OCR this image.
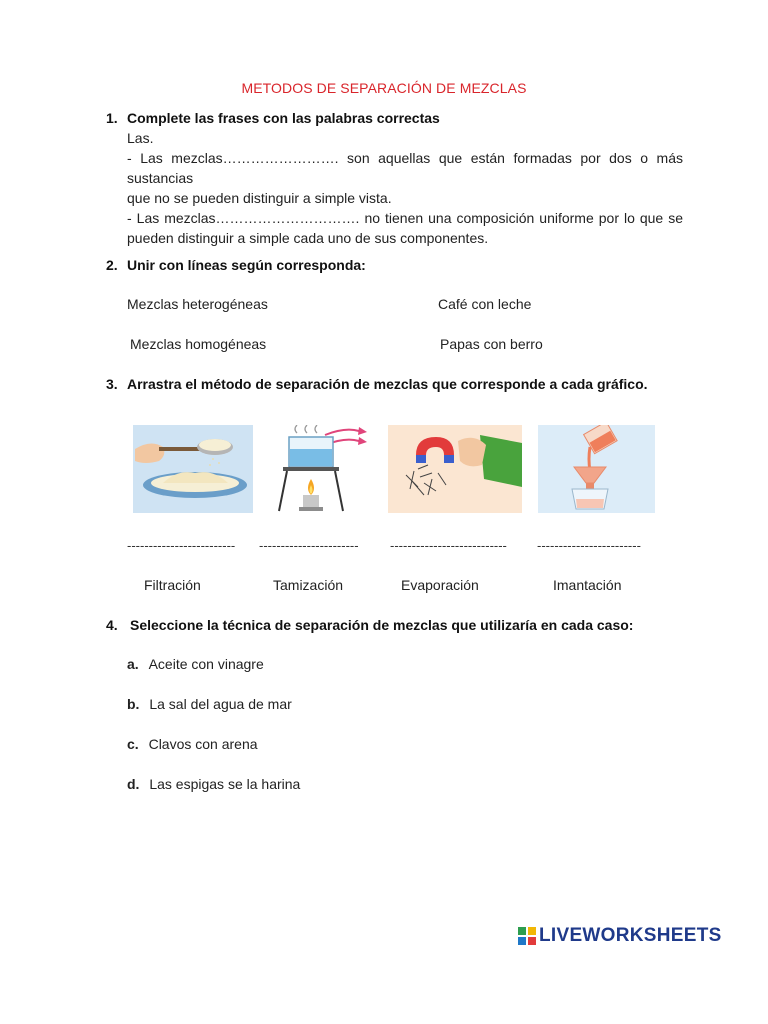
METODOS DE SEPARACIÓN DE MEZCLAS
1. Complete las frases con las palabras correctas
Las.
- Las mezclas……………………. son aquellas que están formadas por dos o más sustancias
que no se pueden distinguir a simple vista.
- Las mezclas…………………………. no tienen una composición uniforme por lo que se
pueden distinguir a simple cada uno de sus componentes.
2. Unir con líneas según corresponda:
Mezclas heterogéneas	Café con leche
Mezclas homogéneas	Papas con berro
3. Arrastra el método de separación de mezclas que corresponde a cada gráfico.
------------------------- ----------------------- --------------------------- ------------------------
Filtración	Tamización	Evaporación	Imantación
4. Seleccione la técnica de separación de mezclas que utilizaría en cada caso:
a. Aceite con vinagre
b. La sal del agua de mar
c. Clavos con arena
d. Las espigas se la harina
LIVEWORKSHEETS
